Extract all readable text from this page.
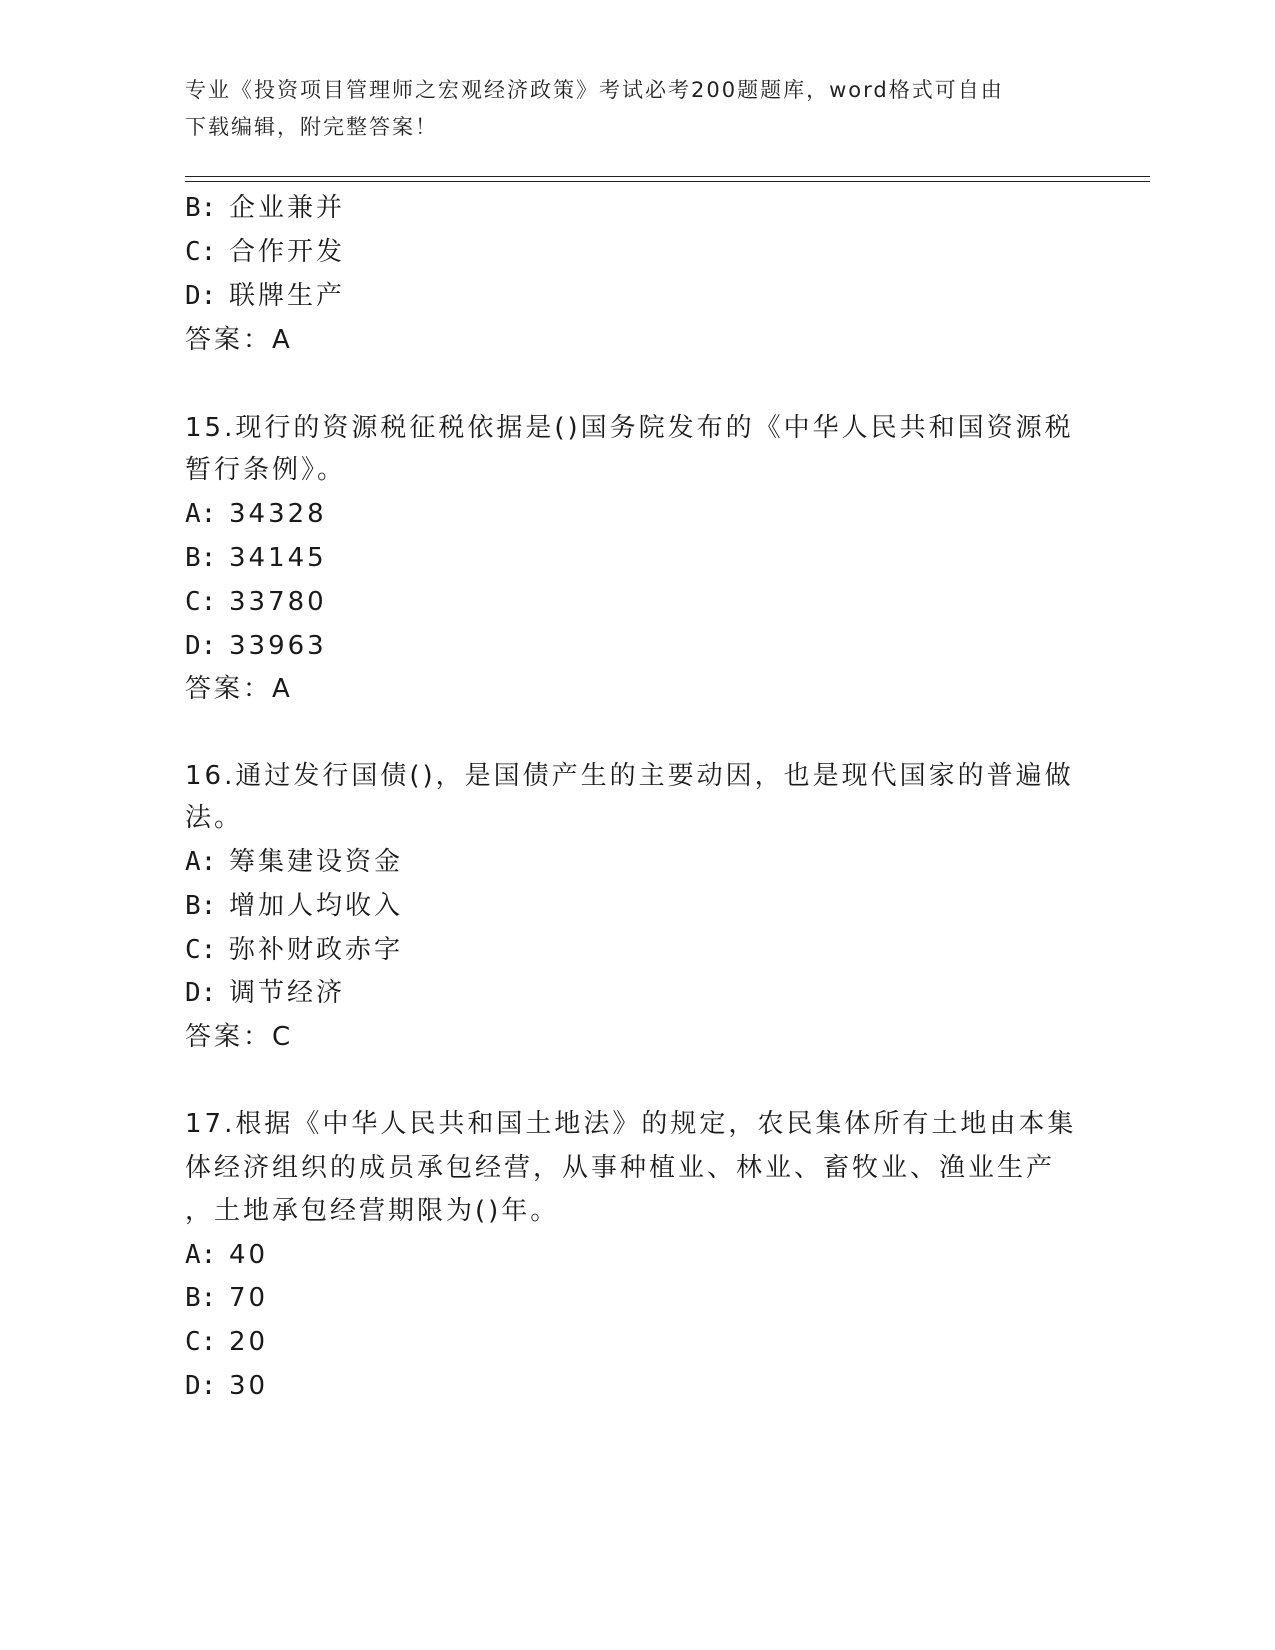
专业《投资项目管理师之宏观经济政策》考试必考200题题库，word格式可自由
下载编辑，附完整答案！
B: 企业兼并
C: 合作开发
D: 联牌生产
答案：A
15.现行的资源税征税依据是()国务院发布的《中华人民共和国资源税
暂行条例》。
A: 34328
B: 34145
C: 33780
D: 33963
答案：A
16.通过发行国债()，是国债产生的主要动因，也是现代国家的普遍做
法。
A: 筹集建设资金
B: 增加人均收入
C: 弥补财政赤字
D: 调节经济
答案：C
17.根据《中华人民共和国土地法》的规定，农民集体所有土地由本集
体经济组织的成员承包经营，从事种植业、林业、畜牧业、渔业生产
，土地承包经营期限为()年。
A: 40
B: 70
C: 20
D: 30
